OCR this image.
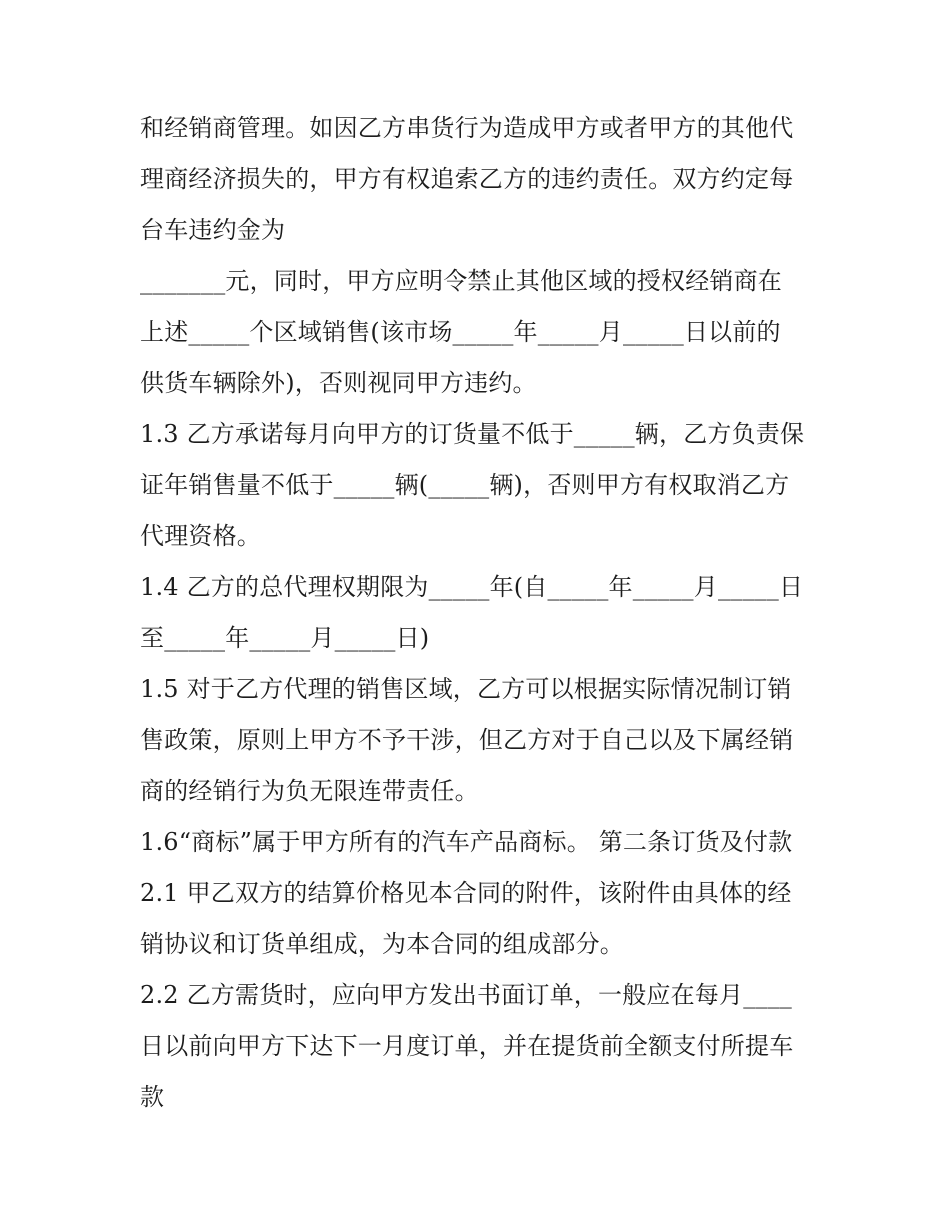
和经销商管理。如因乙方串货行为造成甲方或者甲方的其他代
理商经济损失的，甲方有权追索乙方的违约责任。双方约定每
台车违约金为
_______元，同时，甲方应明令禁止其他区域的授权经销商在
上述_____个区域销售(该市场_____年_____月_____日以前的
供货车辆除外)，否则视同甲方违约。
1.3 乙方承诺每月向甲方的订货量不低于_____辆，乙方负责保
证年销售量不低于_____辆(_____辆)，否则甲方有权取消乙方
代理资格。
1.4 乙方的总代理权期限为_____年(自_____年_____月_____日
至_____年_____月_____日)
1.5 对于乙方代理的销售区域，乙方可以根据实际情况制订销
售政策，原则上甲方不予干涉，但乙方对于自己以及下属经销
商的经销行为负无限连带责任。
1.6“商标”属于甲方所有的汽车产品商标。 第二条订货及付款
2.1 甲乙双方的结算价格见本合同的附件，该附件由具体的经
销协议和订货单组成，为本合同的组成部分。
2.2 乙方需货时，应向甲方发出书面订单，一般应在每月____
日以前向甲方下达下一月度订单，并在提货前全额支付所提车
款
